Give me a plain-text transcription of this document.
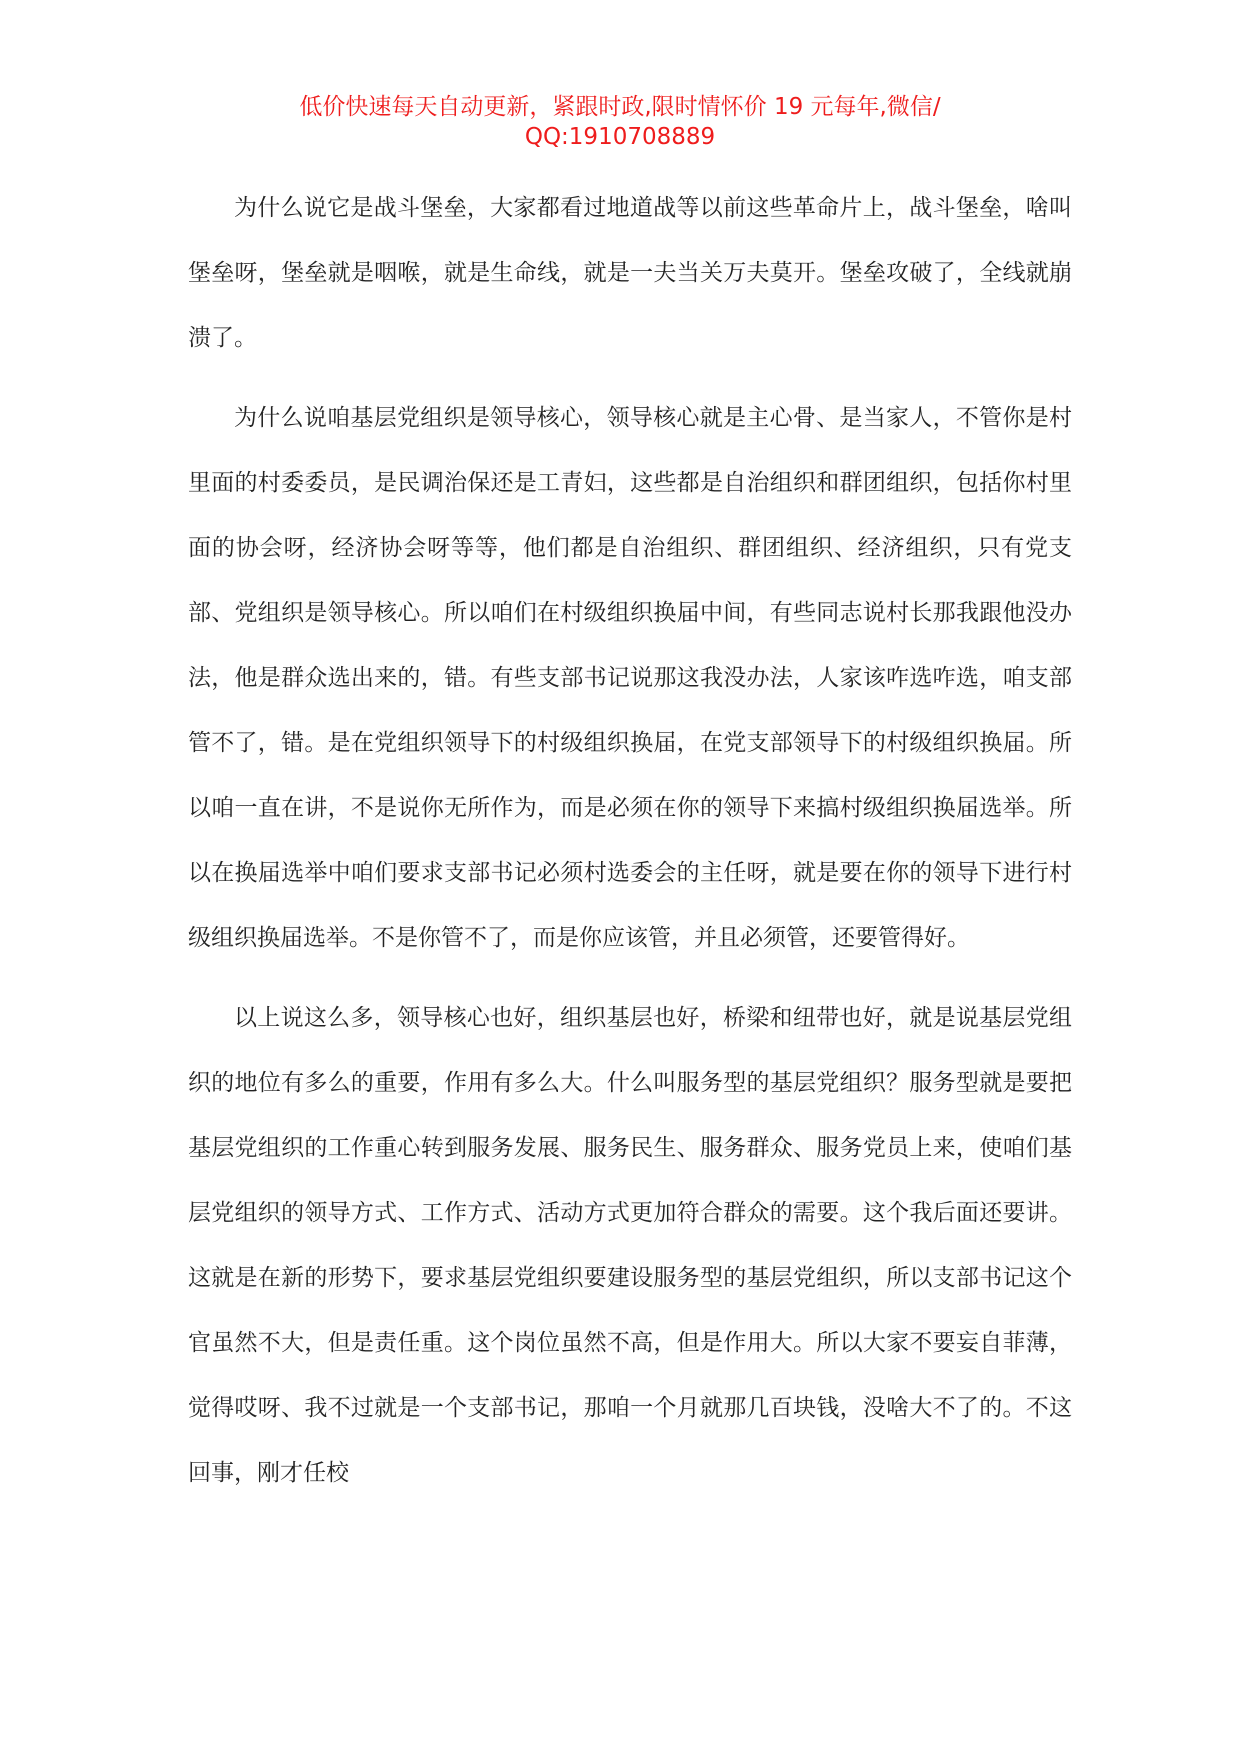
低价快速每天自动更新，紧跟时政,限时情怀价 19 元每年,微信/
QQ:1910708889

为什么说它是战斗堡垒，大家都看过地道战等以前这些革命片上，战斗堡垒，啥叫堡垒呀，堡垒就是咽喉，就是生命线，就是一夫当关万夫莫开。堡垒攻破了，全线就崩溃了。

为什么说咱基层党组织是领导核心，领导核心就是主心骨、是当家人，不管你是村里面的村委委员，是民调治保还是工青妇，这些都是自治组织和群团组织，包括你村里面的协会呀，经济协会呀等等，他们都是自治组织、群团组织、经济组织，只有党支部、党组织是领导核心。所以咱们在村级组织换届中间，有些同志说村长那我跟他没办法，他是群众选出来的，错。有些支部书记说那这我没办法，人家该咋选咋选，咱支部管不了，错。是在党组织领导下的村级组织换届，在党支部领导下的村级组织换届。所以咱一直在讲，不是说你无所作为，而是必须在你的领导下来搞村级组织换届选举。所以在换届选举中咱们要求支部书记必须村选委会的主任呀，就是要在你的领导下进行村级组织换届选举。不是你管不了，而是你应该管，并且必须管，还要管得好。

以上说这么多，领导核心也好，组织基层也好，桥梁和纽带也好，就是说基层党组织的地位有多么的重要，作用有多么大。什么叫服务型的基层党组织？服务型就是要把基层党组织的工作重心转到服务发展、服务民生、服务群众、服务党员上来，使咱们基层党组织的领导方式、工作方式、活动方式更加符合群众的需要。这个我后面还要讲。这就是在新的形势下，要求基层党组织要建设服务型的基层党组织，所以支部书记这个官虽然不大，但是责任重。这个岗位虽然不高，但是作用大。所以大家不要妄自菲薄，觉得哎呀、我不过就是一个支部书记，那咱一个月就那几百块钱，没啥大不了的。不这回事，刚才任校
